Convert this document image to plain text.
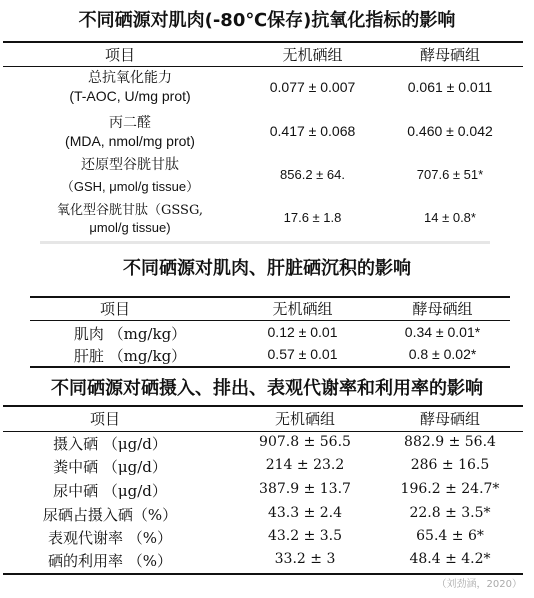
不同硒源对肌肉(-80℃保存)抗氧化指标的影响
项目	无机硒组	酵母硒组
总抗氧化能力
(T-AOC, U/mg prot)
0.077 ± 0.007	0.061 ± 0.011
丙二醛
(MDA, nmol/mg prot)
0.417 ± 0.068	0.460 ± 0.042
还原型谷胱甘肽
（GSH, μmol/g tissue）
856.2 ± 64.	707.6 ± 51*
氧化型谷胱甘肽（GSSG,
μmol/g tissue)
17.6 ± 1.8	14 ± 0.8*
不同硒源对肌肉、肝脏硒沉积的影响
项目	无机硒组	酵母硒组
肌肉 （mg/kg）	0.12 ± 0.01	0.34 ± 0.01*
肝脏 （mg/kg）	0.57 ± 0.01	0.8 ± 0.02*
不同硒源对硒摄入、排出、表观代谢率和利用率的影响
项目	无机硒组	酵母硒组
摄入硒 （μg/d）	907.8 ± 56.5	882.9 ± 56.4
粪中硒 （μg/d）	214 ± 23.2	286 ± 16.5
尿中硒 （μg/d）	387.9 ± 13.7	196.2 ± 24.7*
尿硒占摄入硒（%）	43.3 ± 2.4	22.8 ± 3.5*
表观代谢率 （%）	43.2 ± 3.5	65.4 ± 6*
硒的利用率 （%）	33.2 ± 3	48.4 ± 4.2*
（刘劲涵，2020）
